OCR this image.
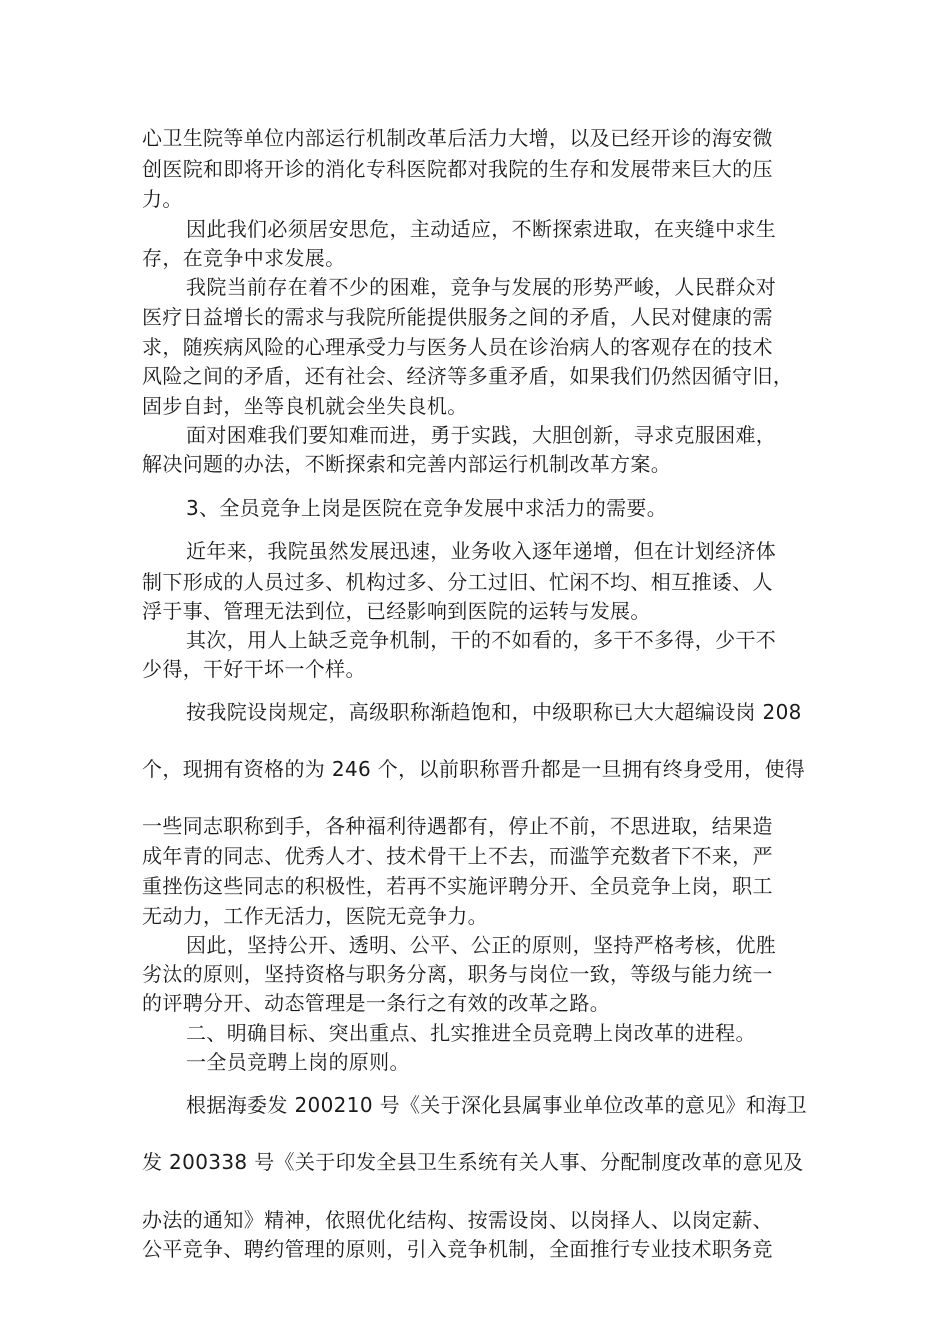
心卫生院等单位内部运行机制改革后活力大增，以及已经开诊的海安微
创医院和即将开诊的消化专科医院都对我院的生存和发展带来巨大的压
力。
因此我们必须居安思危，主动适应，不断探索进取，在夹缝中求生
存，在竞争中求发展。
我院当前存在着不少的困难，竞争与发展的形势严峻，人民群众对
医疗日益增长的需求与我院所能提供服务之间的矛盾，人民对健康的需
求，随疾病风险的心理承受力与医务人员在诊治病人的客观存在的技术
风险之间的矛盾，还有社会、经济等多重矛盾，如果我们仍然因循守旧，
固步自封，坐等良机就会坐失良机。
面对困难我们要知难而进，勇于实践，大胆创新，寻求克服困难，
解决问题的办法，不断探索和完善内部运行机制改革方案。
3、全员竞争上岗是医院在竞争发展中求活力的需要。
近年来，我院虽然发展迅速，业务收入逐年递增，但在计划经济体
制下形成的人员过多、机构过多、分工过旧、忙闲不均、相互推诿、人
浮于事、管理无法到位，已经影响到医院的运转与发展。
其次，用人上缺乏竞争机制，干的不如看的，多干不多得，少干不
少得，干好干坏一个样。
按我院设岗规定，高级职称渐趋饱和，中级职称已大大超编设岗 208
个，现拥有资格的为 246 个，以前职称晋升都是一旦拥有终身受用，使得
一些同志职称到手，各种福利待遇都有，停止不前，不思进取，结果造
成年青的同志、优秀人才、技术骨干上不去，而滥竽充数者下不来，严
重挫伤这些同志的积极性，若再不实施评聘分开、全员竞争上岗，职工
无动力，工作无活力，医院无竞争力。
因此，坚持公开、透明、公平、公正的原则，坚持严格考核，优胜
劣汰的原则，坚持资格与职务分离，职务与岗位一致，等级与能力统一
的评聘分开、动态管理是一条行之有效的改革之路。
二、明确目标、突出重点、扎实推进全员竞聘上岗改革的进程。
一全员竞聘上岗的原则。
根据海委发 200210 号《关于深化县属事业单位改革的意见》和海卫
发 200338 号《关于印发全县卫生系统有关人事、分配制度改革的意见及
办法的通知》精神，依照优化结构、按需设岗、以岗择人、以岗定薪、
公平竞争、聘约管理的原则，引入竞争机制，全面推行专业技术职务竞
